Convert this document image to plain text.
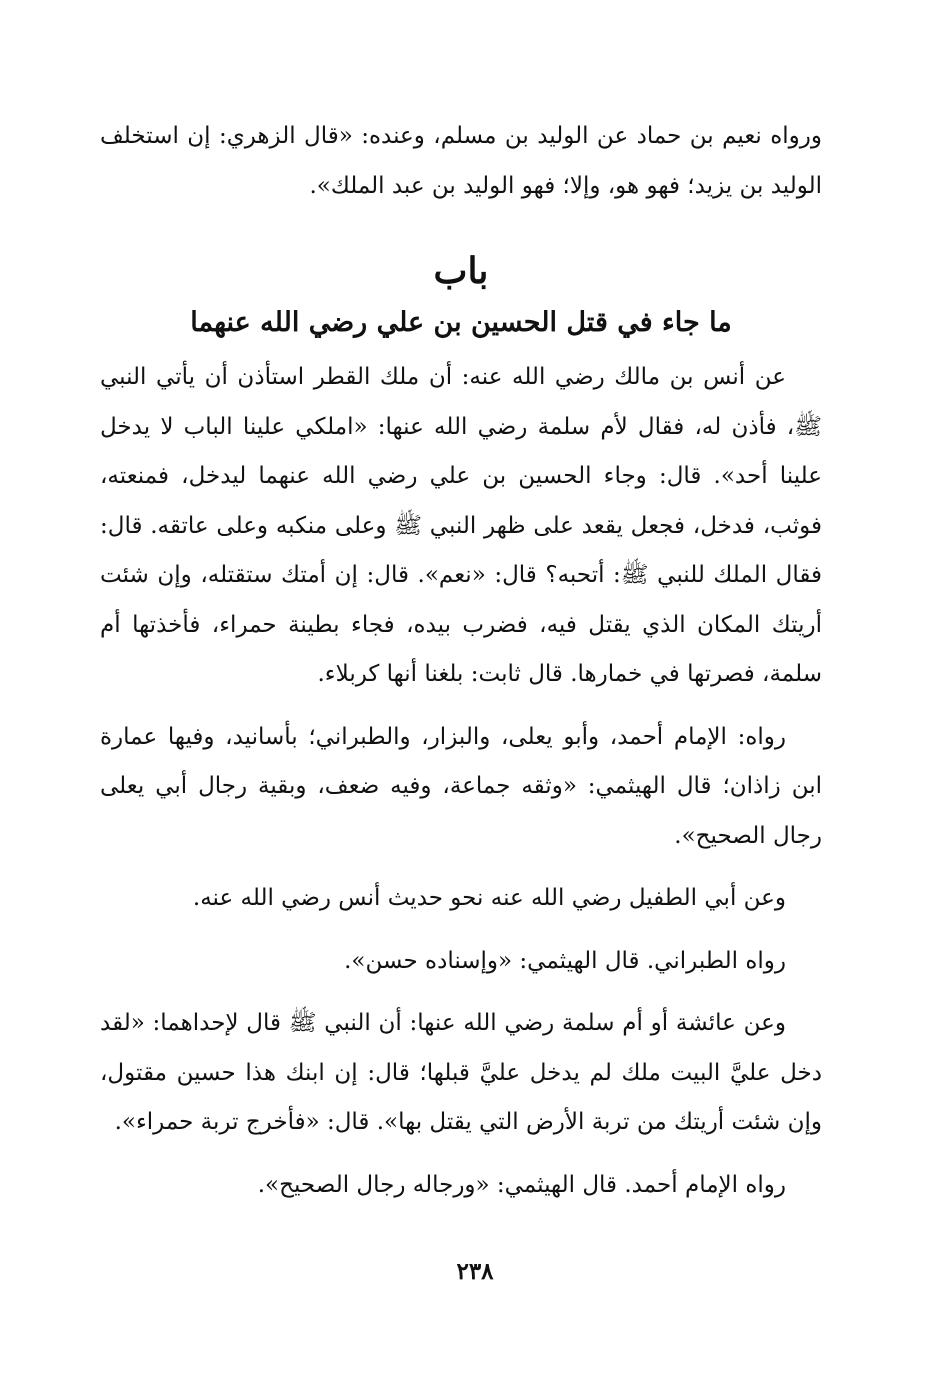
ورواه نعيم بن حماد عن الوليد بن مسلم، وعنده: «قال الزهري: إن استخلف الوليد بن يزيد؛ فهو هو، وإلا؛ فهو الوليد بن عبد الملك».

باب
ما جاء في قتل الحسين بن علي رضي الله عنهما

عن أنس بن مالك رضي الله عنه: أن ملك القطر استأذن أن يأتي النبي ﷺ، فأذن له، فقال لأم سلمة رضي الله عنها: «املكي علينا الباب لا يدخل علينا أحد». قال: وجاء الحسين بن علي رضي الله عنهما ليدخل، فمنعته، فوثب، فدخل، فجعل يقعد على ظهر النبي ﷺ وعلى منكبه وعلى عاتقه. قال: فقال الملك للنبي ﷺ: أتحبه؟ قال: «نعم». قال: إن أمتك ستقتله، وإن شئت أريتك المكان الذي يقتل فيه، فضرب بيده، فجاء بطينة حمراء، فأخذتها أم سلمة، فصرتها في خمارها. قال ثابت: بلغنا أنها كربلاء.

رواه: الإمام أحمد، وأبو يعلى، والبزار، والطبراني؛ بأسانيد، وفيها عمارة ابن زاذان؛ قال الهيثمي: «وثقه جماعة، وفيه ضعف، وبقية رجال أبي يعلى رجال الصحيح».

وعن أبي الطفيل رضي الله عنه نحو حديث أنس رضي الله عنه.

رواه الطبراني. قال الهيثمي: «وإسناده حسن».

وعن عائشة أو أم سلمة رضي الله عنها: أن النبي ﷺ قال لإحداهما: «لقد دخل عليَّ البيت ملك لم يدخل عليَّ قبلها؛ قال: إن ابنك هذا حسين مقتول، وإن شئت أريتك من تربة الأرض التي يقتل بها». قال: «فأخرج تربة حمراء».

رواه الإمام أحمد. قال الهيثمي: «ورجاله رجال الصحيح».

٢٣٨
